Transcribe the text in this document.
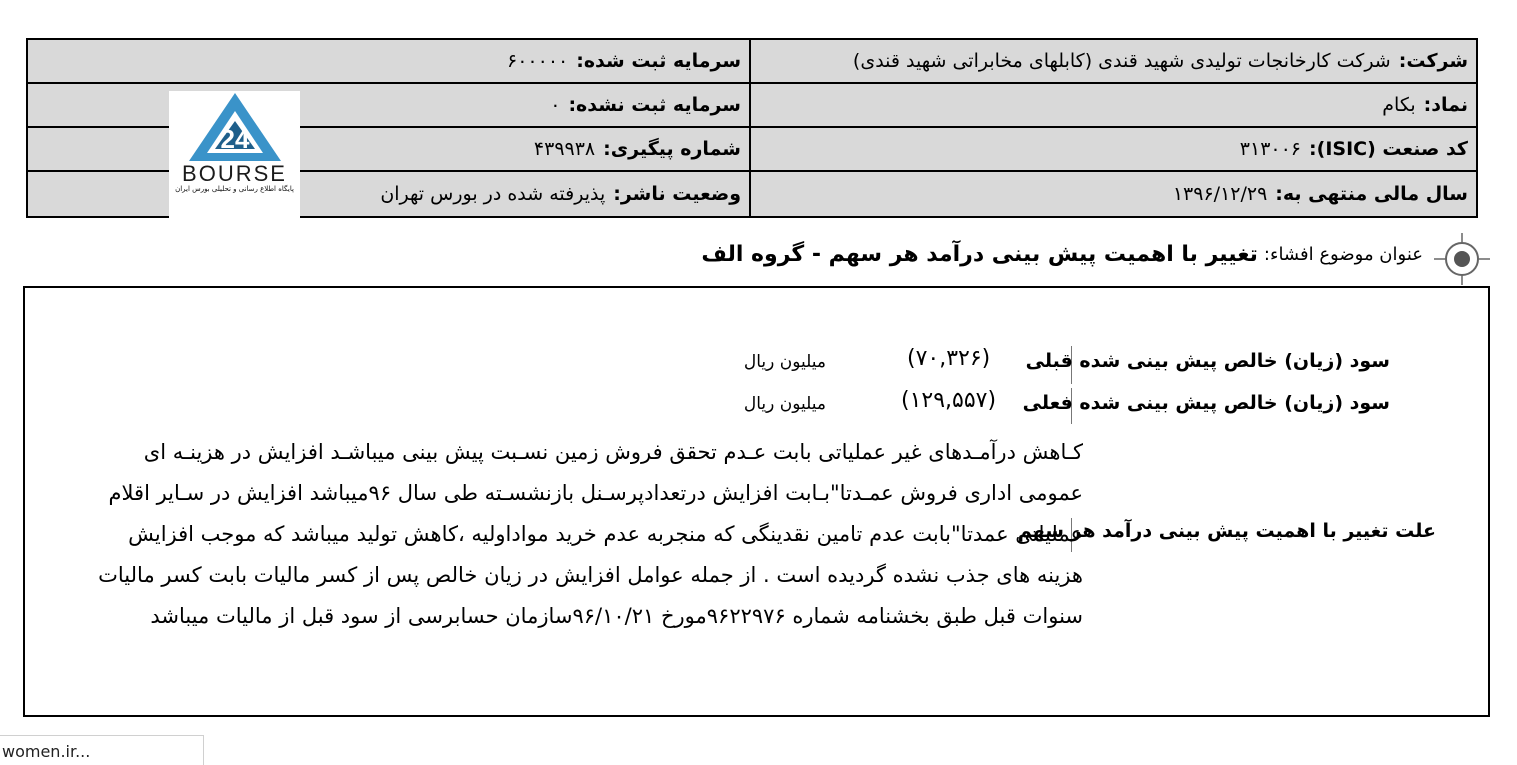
شرکت:
شرکت کارخانجات تولیدی شهید قندی (کابلهای مخابراتی شهید قندی)
سرمایه ثبت شده:
۶۰۰۰۰۰
نماد:
بکام
سرمایه ثبت نشده:
۰
کد صنعت (ISIC):
۳۱۳۰۰۶
شماره پیگیری:
۴۳۹۹۳۸
سال مالی منتهی به:
۱۳۹۶/۱۲/۲۹
وضعیت ناشر:
پذیرفته شده در بورس تهران
24
BOURSE
پایگاه اطلاع رسانی و تحلیلی بورس ایران
عنوان موضوع افشاء:
تغییر با اهمیت پیش بینی درآمد هر سهم - گروه الف
سود (زیان) خالص پیش بینی شده قبلی
(۷۰,۳۲۶)
میلیون ریال
سود (زیان) خالص پیش بینی شده فعلی
(۱۲۹,۵۵۷)
میلیون ریال
علت تغییر با اهمیت پیش بینی درآمد هر سهم
کـاهش درآمـدهای غیر عملیاتی بابت عـدم تحقق فروش زمین نسـبت پیش بینی میباشـد افزایش در هزینـه ای
عمومی اداری فروش عمـدتا"بـابت افزایش درتعدادپرسـنل بازنشسـته طی سال ۹۶میباشد افزایش در سـایر اقلام
عملیاتی عمدتا"بابت عدم تامین نقدینگی که منجربه عدم خرید مواداولیه ،کاهش تولید میباشد که موجب افزایش
هزینه های جذب نشده گردیده است . از جمله عوامل افزایش در زیان خالص پس از کسر مالیات بابت کسر مالیات
سنوات قبل طبق بخشنامه شماره ۹۶۲۲۹۷۶مورخ ۹۶/۱۰/۲۱سازمان حسابرسی از سود قبل از مالیات میباشد
women.ir...
